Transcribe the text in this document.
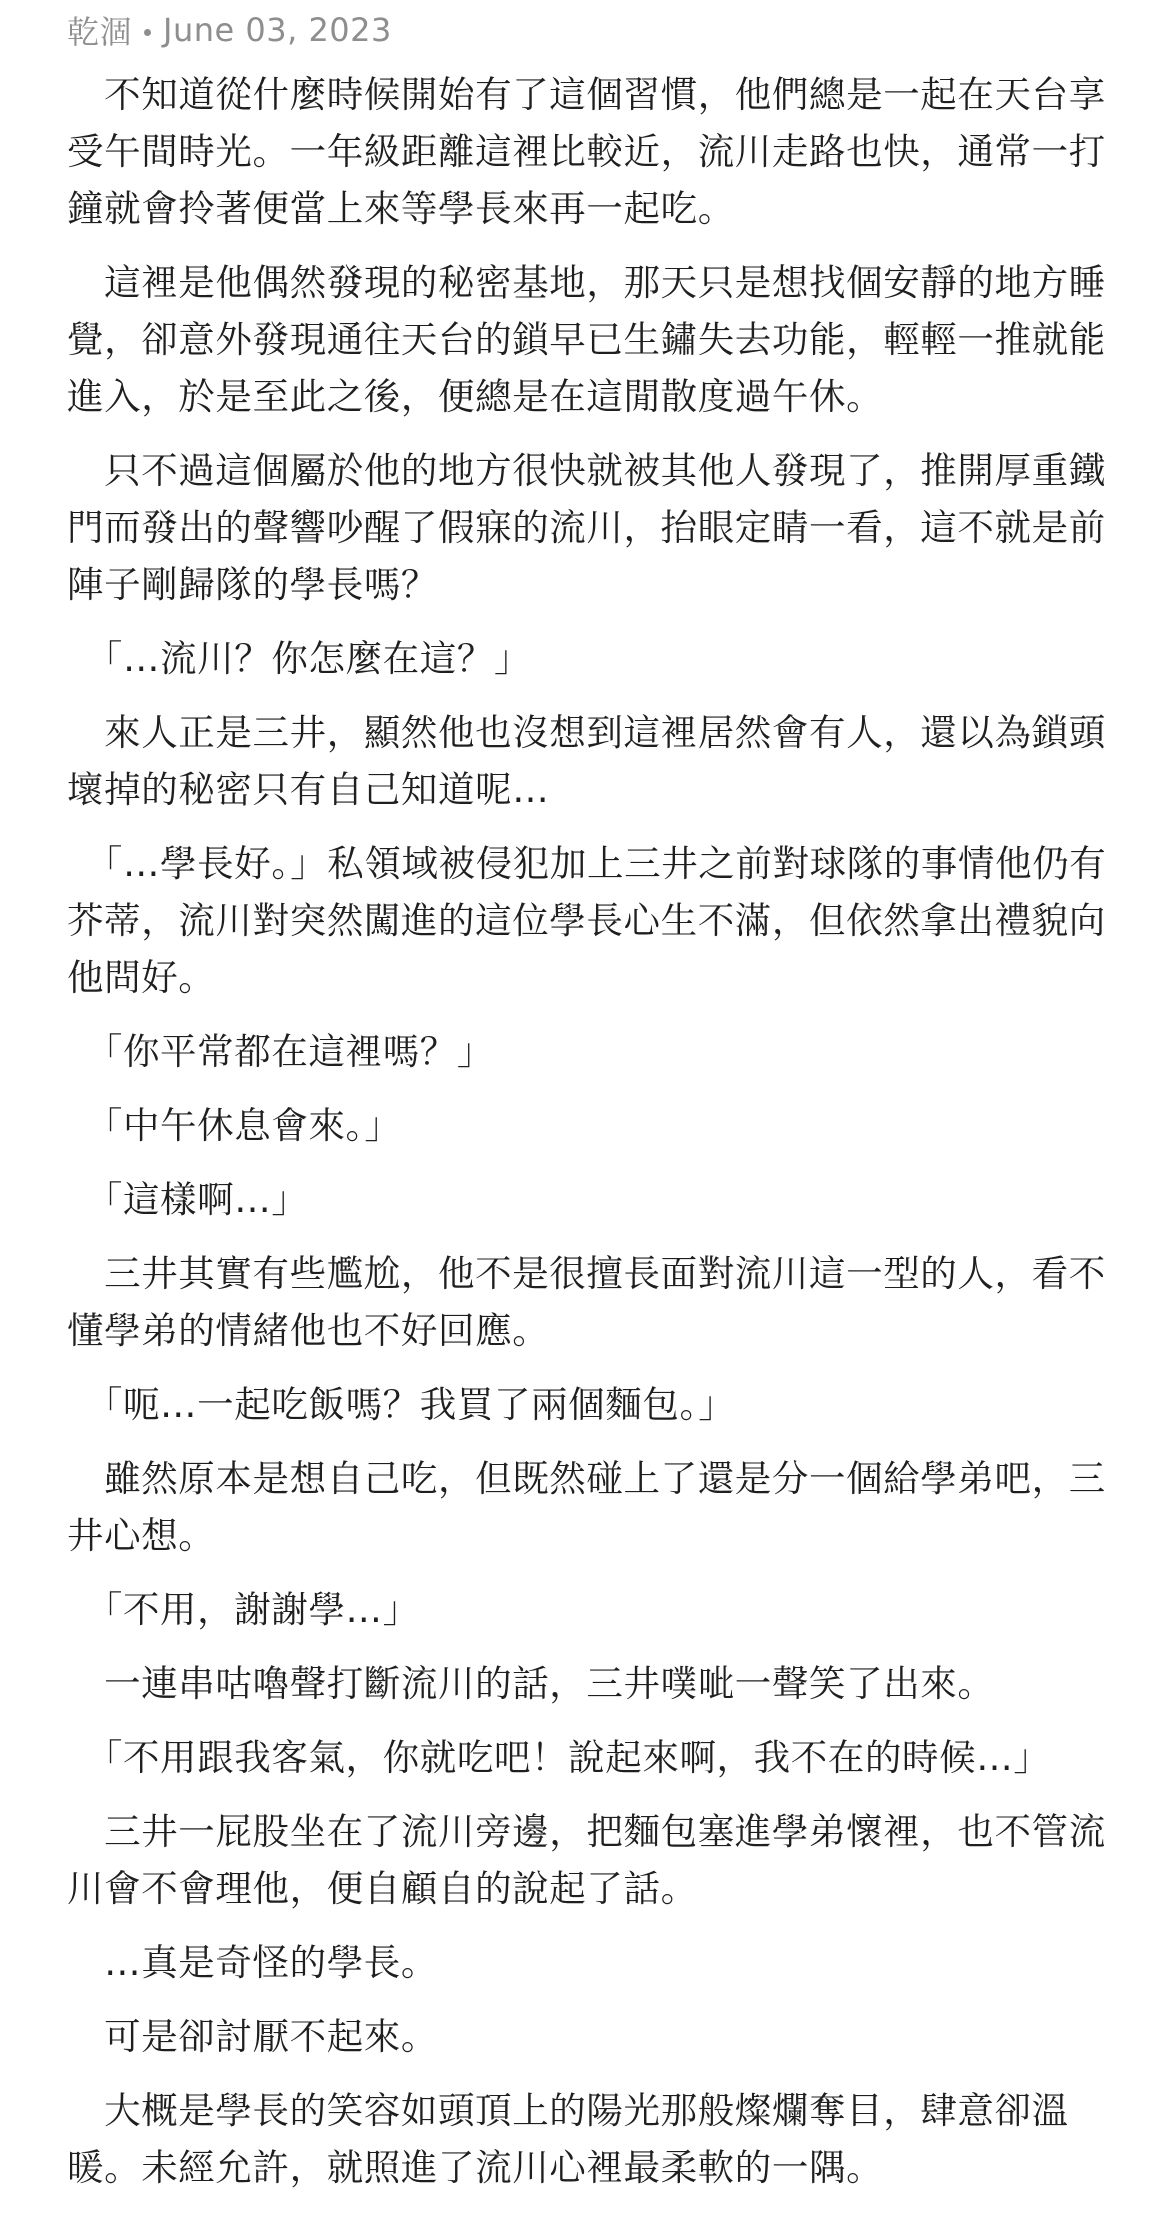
乾涸 June 03, 2023

　不知道從什麼時候開始有了這個習慣，他們總是一起在天台享受午間時光。一年級距離這裡比較近，流川走路也快，通常一打鐘就會拎著便當上來等學長來再一起吃。

　這裡是他偶然發現的秘密基地，那天只是想找個安靜的地方睡覺，卻意外發現通往天台的鎖早已生鏽失去功能，輕輕一推就能進入，於是至此之後，便總是在這閒散度過午休。

　只不過這個屬於他的地方很快就被其他人發現了，推開厚重鐵門而發出的聲響吵醒了假寐的流川，抬眼定睛一看，這不就是前陣子剛歸隊的學長嗎？

　「…流川？你怎麼在這？」

　來人正是三井，顯然他也沒想到這裡居然會有人，還以為鎖頭壞掉的秘密只有自己知道呢…

　「…學長好。」私領域被侵犯加上三井之前對球隊的事情他仍有芥蒂，流川對突然闖進的這位學長心生不滿，但依然拿出禮貌向他問好。

　「你平常都在這裡嗎？」

　「中午休息會來。」

　「這樣啊…」

　三井其實有些尷尬，他不是很擅長面對流川這一型的人，看不懂學弟的情緒他也不好回應。

　「呃…一起吃飯嗎？我買了兩個麵包。」

　雖然原本是想自己吃，但既然碰上了還是分一個給學弟吧，三井心想。

　「不用，謝謝學…」

　一連串咕嚕聲打斷流川的話，三井噗呲一聲笑了出來。

　「不用跟我客氣，你就吃吧！說起來啊，我不在的時候…」

　三井一屁股坐在了流川旁邊，把麵包塞進學弟懷裡，也不管流川會不會理他，便自顧自的說起了話。

　…真是奇怪的學長。

　可是卻討厭不起來。

　大概是學長的笑容如頭頂上的陽光那般燦爛奪目，肆意卻溫暖。未經允許，就照進了流川心裡最柔軟的一隅。
